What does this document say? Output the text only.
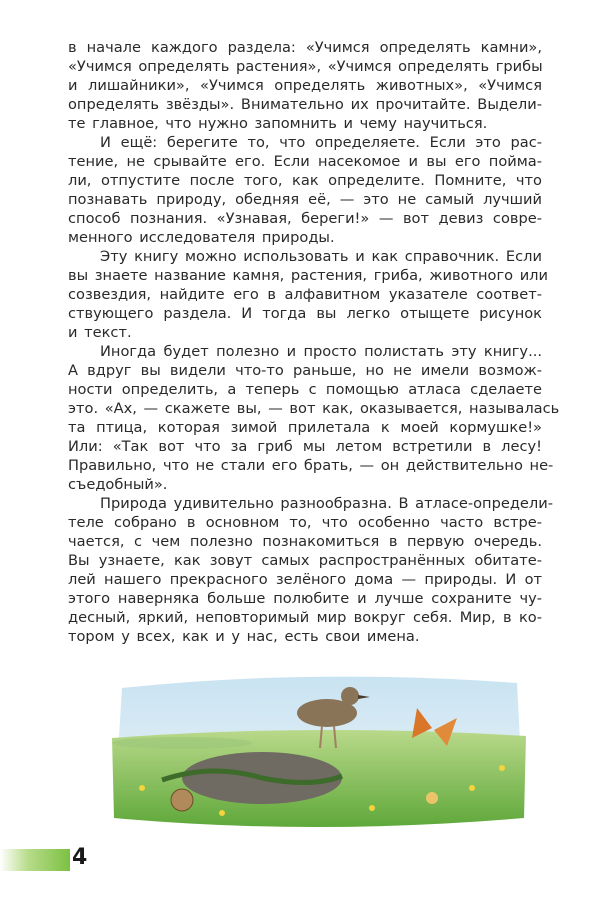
в начале каждого раздела: «Учимся определять камни»,
«Учимся определять растения», «Учимся определять грибы
и лишайники», «Учимся определять животных», «Учимся
определять звёзды». Внимательно их прочитайте. Выдели-
те главное, что нужно запомнить и чему научиться.
И ещё: берегите то, что определяете. Если это рас-
тение, не срывайте его. Если насекомое и вы его пойма-
ли, отпустите после того, как определите. Помните, что
познавать природу, обедняя её, — это не самый лучший
способ познания. «Узнавая, береги!» — вот девиз совре-
менного исследователя природы.
Эту книгу можно использовать и как справочник. Если
вы знаете название камня, растения, гриба, животного или
созвездия, найдите его в алфавитном указателе соответ-
ствующего раздела. И тогда вы легко отыщете рисунок
и текст.
Иногда будет полезно и просто полистать эту книгу...
А вдруг вы видели что-то раньше, но не имели возмож-
ности определить, а теперь с помощью атласа сделаете
это. «Ах, — скажете вы, — вот как, оказывается, называлась
та птица, которая зимой прилетала к моей кормушке!»
Или: «Так вот что за гриб мы летом встретили в лесу!
Правильно, что не стали его брать, — он действительно не-
съедобный».
Природа удивительно разнообразна. В атласе-определи-
теле собрано в основном то, что особенно часто встре-
чается, с чем полезно познакомиться в первую очередь.
Вы узнаете, как зовут самых распространённых обитате-
лей нашего прекрасного зелёного дома — природы. И от
этого наверняка больше полюбите и лучше сохраните чу-
десный, яркий, неповторимый мир вокруг себя. Мир, в ко-
тором у всех, как и у нас, есть свои имена.
4
